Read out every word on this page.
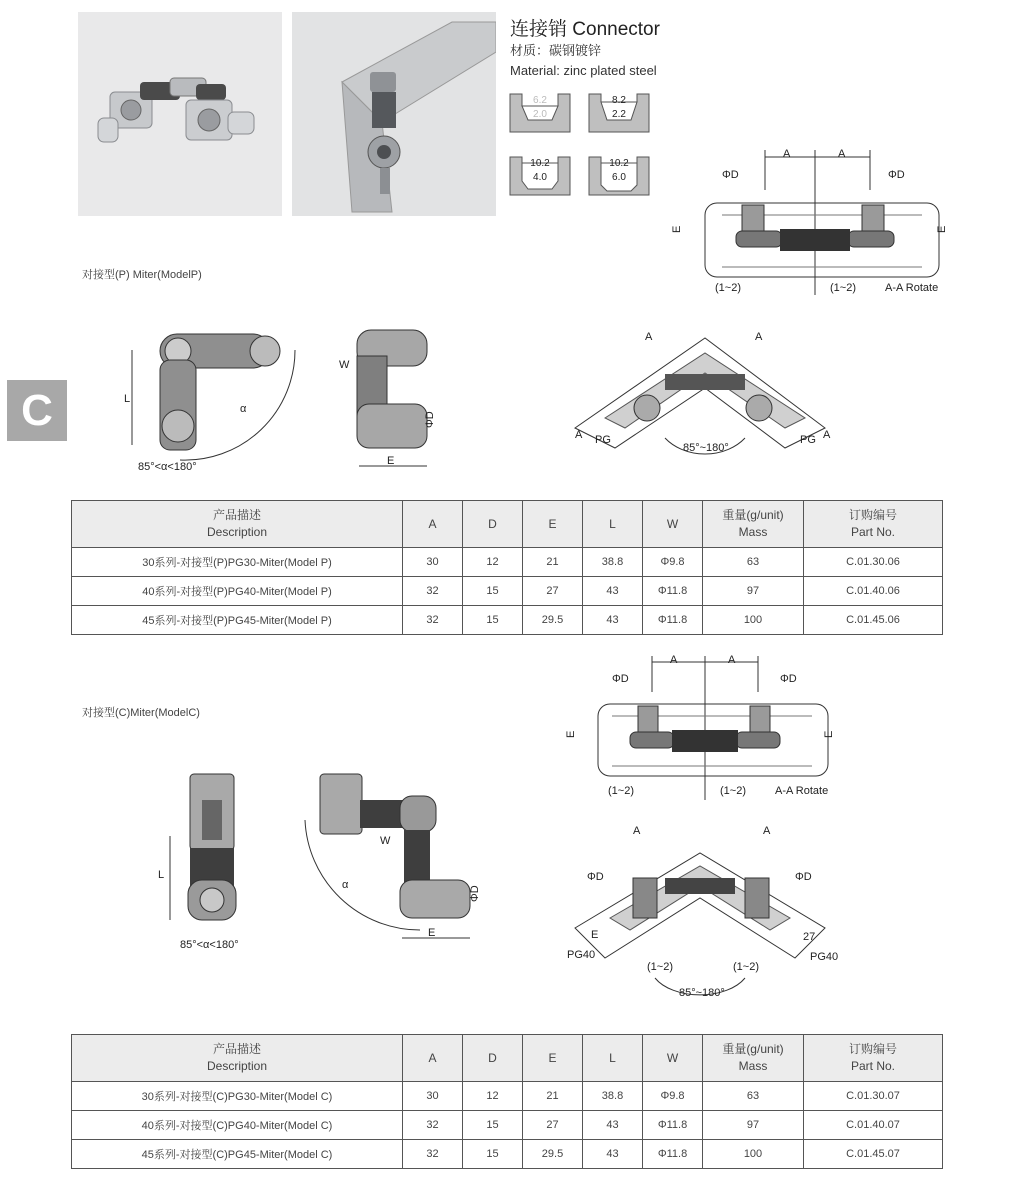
连接销 Connector
材质：碳钢镀锌
Material: zinc plated steel
6.2
2.0
8.2
2.2
10.2
4.0
10.2
6.0
C
对接型(P) Miter(ModelP)
A	A
ΦD	ΦD
E	E
(1~2)	(1~2)	A-A Rotate
L
α
85°<α<180°
W
ΦD
E
A	A
A PG	PG A
85°~180°
产品描述
Description	A	D	E	L	W	重量(g/unit)
Mass	订购编号
Part No.

30系列-对接型(P)PG30-Miter(Model P)	30	12	21	38.8	Φ9.8	63	C.01.30.06
40系列-对接型(P)PG40-Miter(Model P)	32	15	27	43	Φ11.8	97	C.01.40.06
45系列-对接型(P)PG45-Miter(Model P)	32	15	29.5	43	Φ11.8	100	C.01.45.06
对接型(C)Miter(ModelC)
A	A
ΦD	ΦD
E	E
(1~2)	(1~2)	A-A Rotate
L
85°<α<180°
W
α
ΦD
E
A	A
ΦD	ΦD
E
PG40
27
PG40
(1~2)	(1~2)
85°~180°
产品描述
Description	A	D	E	L	W	重量(g/unit)
Mass	订购编号
Part No.

30系列-对接型(C)PG30-Miter(Model C)	30	12	21	38.8	Φ9.8	63	C.01.30.07
40系列-对接型(C)PG40-Miter(Model C)	32	15	27	43	Φ11.8	97	C.01.40.07
45系列-对接型(C)PG45-Miter(Model C)	32	15	29.5	43	Φ11.8	100	C.01.45.07
